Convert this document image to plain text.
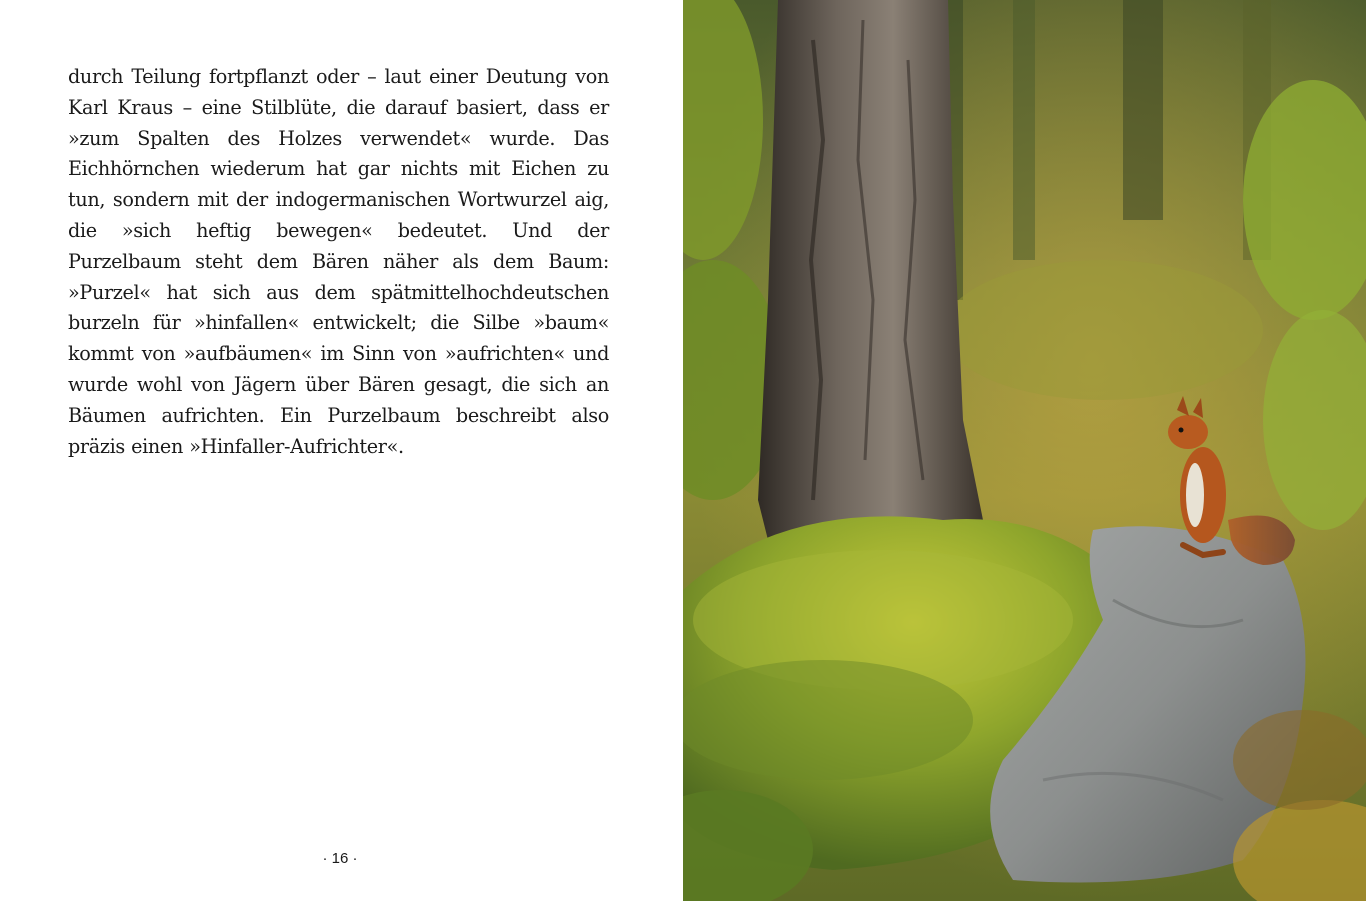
durch Teilung fortpflanzt oder – laut einer Deutung von Karl Kraus – eine Stilblüte, die darauf basiert, dass er »zum Spalten des Holzes verwendet« wurde. Das Eichhörnchen wiederum hat gar nichts mit Eichen zu tun, sondern mit der indogermanischen Wortwurzel aig, die »sich heftig bewegen« bedeutet. Und der Purzelbaum steht dem Bären näher als dem Baum: »Purzel« hat sich aus dem spätmittelhochdeutschen burzeln für »hinfallen« entwickelt; die Silbe »baum« kommt von »aufbäumen« im Sinn von »aufrichten« und wurde wohl von Jägern über Bären gesagt, die sich an Bäumen aufrichten. Ein Purzelbaum beschreibt also präzis einen »Hinfaller-Aufrichter«.

· 16 ·
